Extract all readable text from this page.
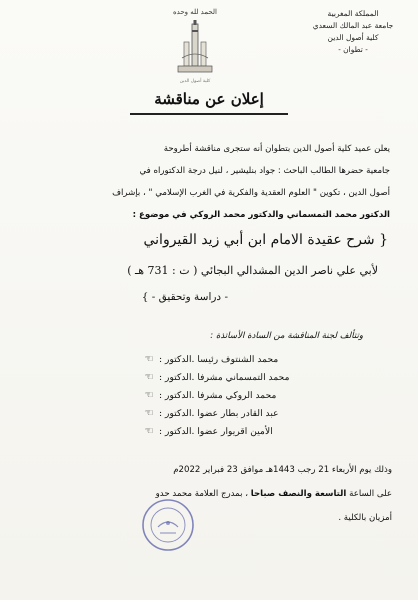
المملكة المغربية
جامعة عبد المالك السعدي
كلية أصول الدين
- تطوان -
الحمد لله وحده
كلية أصول الدين
إعلان عن مناقشة
يعلن عميد كلية أصول الدين بتطوان أنه ستجرى مناقشة أطروحة
جامعية حضرها الطالب الباحث : جواد بنليشير ، لنيل درجة الدكتوراه في
أصول الدين ، تكوين " العلوم العقدية والفكرية في الغرب الإسلامي " ، بإشراف
الدكتور محمد التمسماني والدكتور محمد الروكي في موضوع :
{ شرح عقيدة الامام ابن أبي زيد القيرواني
لأبي علي ناصر الدين المشدالي البجائي ( ت : 731 هـ )
- دراسة وتحقيق - }
وتتألف لجنة المناقشة من السادة الأساتذة :
☜ الدكتور : محمد الشنتوف رئيسا .
☜ الدكتور : محمد التمسماني مشرفا .
☜ الدكتور : محمد الروكي مشرفا .
☜ الدكتور : عبد القادر بطار عضوا .
☜ الدكتور : الأمين اقريوار عضوا .
وذلك يوم الأربعاء 21 رجب 1443هـ موافق 23 فبراير 2022م
على الساعة التاسعة والنصف صباحا ، بمدرج العلامة محمد حدو
أمزيان بالكلية .
